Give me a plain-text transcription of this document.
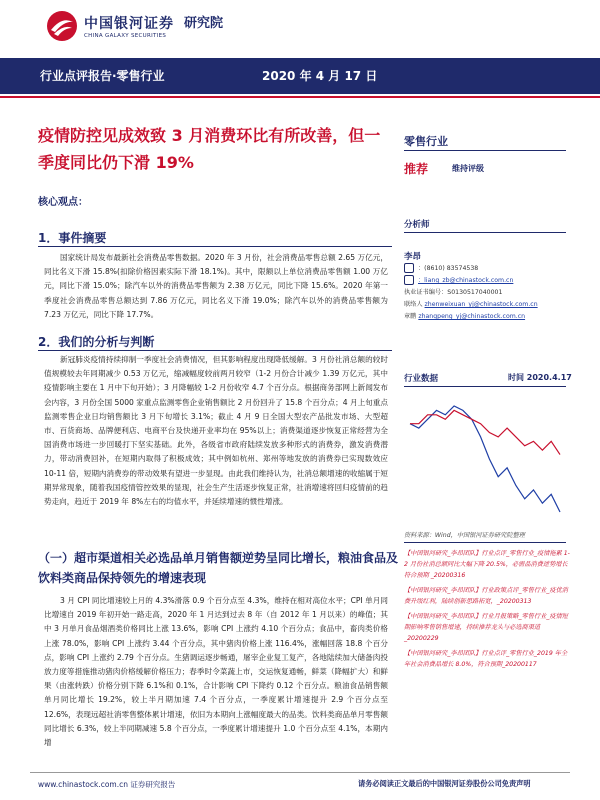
中国银河证券
CHINA GALAXY SECURITIES
研究院
行业点评报告·零售行业	2020 年 4 月 17 日
疫情防控见成效致 3 月消费环比有所改善，但一季度同比仍下滑 19%
核心观点：
1．事件摘要
国家统计局发布最新社会消费品零售数据。2020 年 3 月份，社会消费品零售总额 2.65 万亿元，同比名义下滑 15.8%(扣除价格因素实际下滑 18.1%)。其中，限额以上单位消费品零售额 1.00 万亿元，同比下滑 15.0%；除汽车以外的消费品零售额为 2.38 万亿元，同比下降 15.6%。2020 年第一季度社会消费品零售总额达到 7.86 万亿元，同比名义下滑 19.0%；除汽车以外的消费品零售额为 7.23 万亿元，同比下降 17.7%。
2．我们的分析与判断
新冠肺炎疫情持续抑制一季度社会消费情况，但其影响程度出现降低缓解。3 月份社消总额的较时值规模较去年同期减少 0.53 万亿元，缩减幅度较前两月较窄（1-2 月份合计减少 1.39 万亿元，其中疫情影响主要在 1 月中下旬开始）；3 月降幅较 1-2 月份收窄 4.7 个百分点。根据商务部网上新闻发布会内容，3 月份全国 5000 家重点监测零售企业销售额比 2 月份回升了 15.8 个百分点；4 月上旬重点监测零售企业日均销售额比 3 月下旬增长 3.1%；截止 4 月 9 日全国大型农产品批发市场、大型超市、百货商场、品牌便利店、电商平台及快递开业率均在 95%以上；消费渠道逐步恢复正常经营为全国消费市场进一步回暖打下坚实基础。此外，各级省市政府陆续发放多种形式的消费券，激发消费潜力，带动消费回补，在短期内取得了积极成效；其中例如杭州、郑州等地发放的消费券已实现数效应 10-11 倍，短期内消费券的带动效果有望进一步显现。由此我们维持认为，社消总额增速的收缩属于短期异常现象，随着我国疫情管控效果的显现，社会生产生活逐步恢复正常，社消增速将回归疫情前的趋势走向，趋近于 2019 年 8%左右的均值水平，并延续增速的惯性增涨。
（一）超市渠道相关必选品单月销售额逆势呈同比增长，粮油食品及饮料类商品保持领先的增速表现
3 月 CPI 同比增速较上月的 4.3%滑落 0.9 个百分点至 4.3%，维持在相对高位水平；CPI 单月同比增速自 2019 年初开始一路走高，2020 年 1 月达到过去 8 年（自 2012 年 1 月以来）的峰值；其中 3 月单月食品烟酒类价格同比上涨 13.6%，影响 CPI 上涨约 4.10 个百分点；食品中，畜肉类价格上涨 78.0%，影响 CPI 上涨约 3.44 个百分点，其中猪肉价格上涨 116.4%，涨幅回落 18.8 个百分点，影响 CPI 上涨约 2.79 个百分点。生猪调运逐步畅通，屠宰企业复工复产，各地陆续加大储备肉投放力度等措施推动猪肉价格缓解价格压力；春季时令菜蔬上市，交运恢复通畅，鲜菜（降幅扩大）和鲜果（由涨转跌）价格分别下降 6.1%和 0.1%，合计影响 CPI 下降约 0.12 个百分点。粮油食品销售额单月同比增长 19.2%，较上半月期加速 7.4 个百分点，一季度累计增速提升 2.9 个百分点至 12.6%，表现远超社消零售整体累计增速，依旧为本期向上涨幅度最大的品类。饮料类商品单月零售额同比增长 6.3%，较上半同期减速 5.8 个百分点，一季度累计增速提升 1.0 个百分点至 4.1%，本期内增
零售行业
推荐	维持评级
分析师
李昂
：(8610) 83574538
：liang_zb@chinastock.com.cn
执业证书编号：S0130517040001
联络人 zhenweixuan_yj@chinastock.com.cn
章鹏 zhangpeng_yj@chinastock.com.cn
行业数据	时间 2020.4.17
资料来源：Wind，中国银河证券研究院整理
【中国银河研究_李昂团队】行业点评_零售行业_疫情拖累 1-2 月份社消总额同比大幅下降 20.5%，必需品消费逆势增长符合预期 _20200316
【中国银河研究_李昂团队】行业政策点评_零售行业_疫优消费升级红利，陆续创新思路拓宽，_20200313
【中国银河研究_李昂团队】行业月报策略_零售行业_疫情短期影响零售销售增速，持续推荐龙头与必选商渠道_20200229
【中国银河研究_李昂团队】行业点评_零售行业_2019 年全年社会消费品增长 8.0%，符合预期_20200117
www.chinastock.com.cn 证券研究报告	请务必阅读正文最后的中国银河证券股份公司免责声明
